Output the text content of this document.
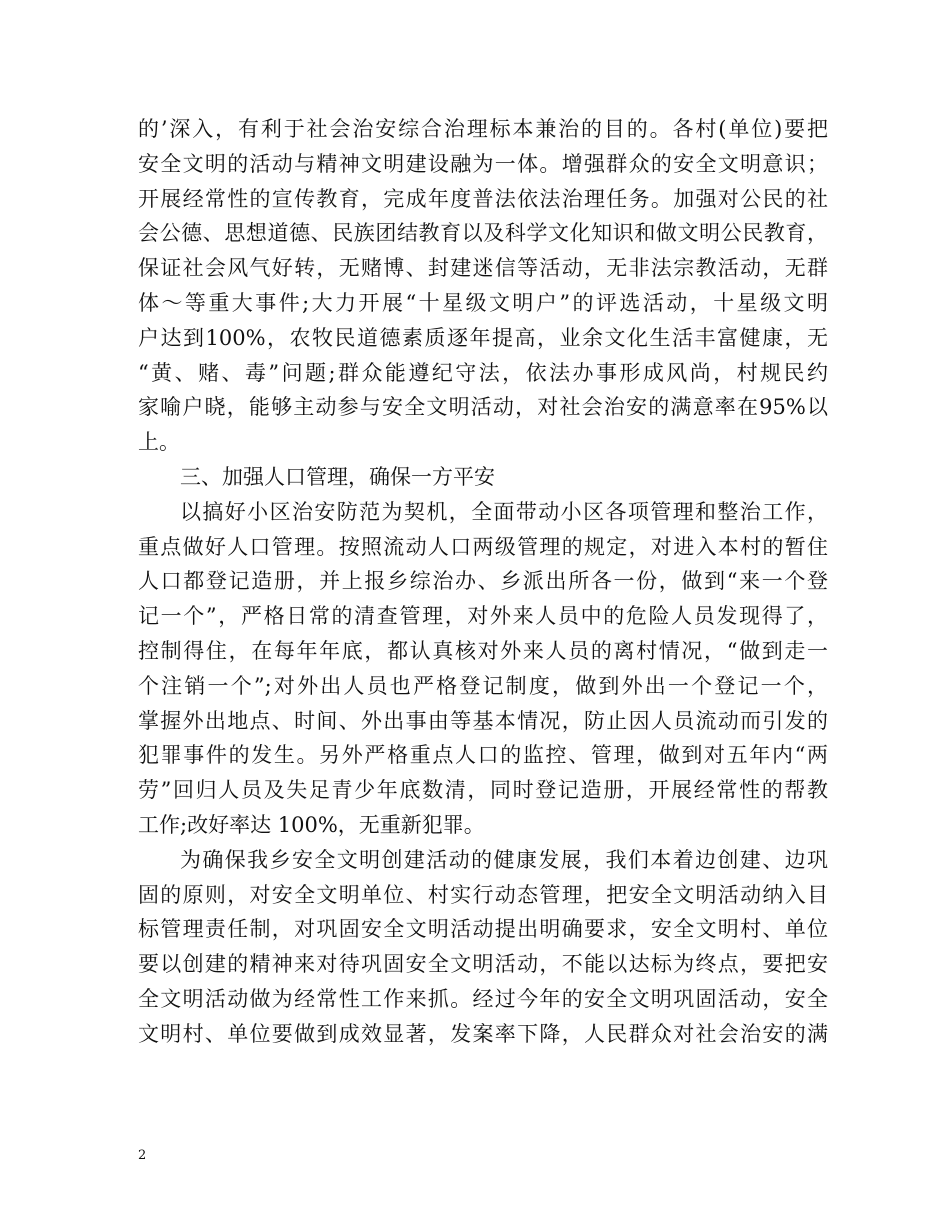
的’深入，有利于社会治安综合治理标本兼治的目的。各村(单位)要把
安全文明的活动与精神文明建设融为一体。增强群众的安全文明意识；
开展经常性的宣传教育，完成年度普法依法治理任务。加强对公民的社
会公德、思想道德、民族团结教育以及科学文化知识和做文明公民教育，
保证社会风气好转，无赌博、封建迷信等活动，无非法宗教活动，无群
体～等重大事件;大力开展“十星级文明户”的评选活动，十星级文明
户达到100%，农牧民道德素质逐年提高，业余文化生活丰富健康，无
“黄、赌、毒”问题;群众能遵纪守法，依法办事形成风尚，村规民约
家喻户晓，能够主动参与安全文明活动，对社会治安的满意率在95%以
上。
三、加强人口管理，确保一方平安
以搞好小区治安防范为契机，全面带动小区各项管理和整治工作，
重点做好人口管理。按照流动人口两级管理的规定，对进入本村的暂住
人口都登记造册，并上报乡综治办、乡派出所各一份，做到“来一个登
记一个”，严格日常的清查管理，对外来人员中的危险人员发现得了，
控制得住，在每年年底，都认真核对外来人员的离村情况，“做到走一
个注销一个”;对外出人员也严格登记制度，做到外出一个登记一个，
掌握外出地点、时间、外出事由等基本情况，防止因人员流动而引发的
犯罪事件的发生。另外严格重点人口的监控、管理，做到对五年内“两
劳”回归人员及失足青少年底数清，同时登记造册，开展经常性的帮教
工作;改好率达 100%，无重新犯罪。
为确保我乡安全文明创建活动的健康发展，我们本着边创建、边巩
固的原则，对安全文明单位、村实行动态管理，把安全文明活动纳入目
标管理责任制，对巩固安全文明活动提出明确要求，安全文明村、单位
要以创建的精神来对待巩固安全文明活动，不能以达标为终点，要把安
全文明活动做为经常性工作来抓。经过今年的安全文明巩固活动，安全
文明村、单位要做到成效显著，发案率下降，人民群众对社会治安的满
2
